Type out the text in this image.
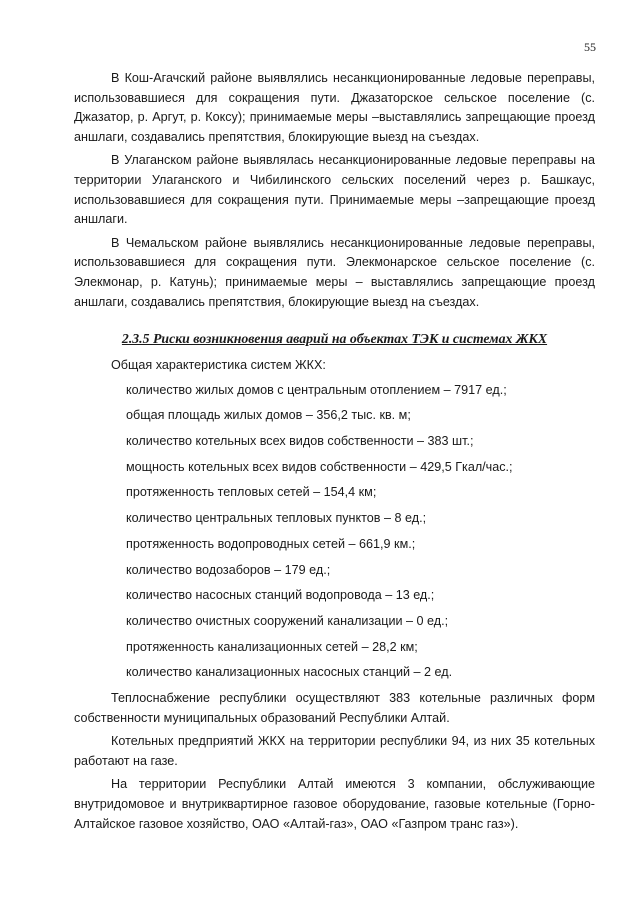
55

В Кош-Агачский районе выявлялись несанкционированные ледовые переправы, использовавшиеся для сокращения пути. Джазаторское сельское поселение (с. Джазатор, р. Аргут, р. Коксу); принимаемые меры –выставлялись запрещающие проезд аншлаги, создавались препятствия, блокирующие выезд на съездах.

В Улаганском районе выявлялась несанкционированные ледовые переправы на территории Улаганского и Чибилинского сельских поселений через р. Башкаус, использовавшиеся для сокращения пути. Принимаемые меры –запрещающие проезд аншлаги.

В Чемальском районе выявлялись несанкционированные ледовые переправы, использовавшиеся для сокращения пути. Элекмонарское сельское поселение (с. Элекмонар, р. Катунь); принимаемые меры – выставлялись запрещающие проезд аншлаги, создавались препятствия, блокирующие выезд на съездах.

2.3.5 Риски возникновения аварий на объектах ТЭК и системах ЖКХ
Общая характеристика систем ЖКХ:
количество жилых домов с центральным отоплением – 7917 ед.;
общая площадь жилых домов – 356,2 тыс. кв. м;
количество котельных всех видов собственности – 383 шт.;
мощность котельных всех видов собственности – 429,5 Гкал/час.;
протяженность тепловых сетей – 154,4 км;
количество центральных тепловых пунктов – 8 ед.;
протяженность водопроводных сетей – 661,9 км.;
количество водозаборов – 179 ед.;
количество насосных станций водопровода – 13 ед.;
количество очистных сооружений канализации – 0 ед.;
протяженность канализационных сетей – 28,2 км;
количество канализационных насосных станций – 2 ед.

Теплоснабжение республики осуществляют 383 котельные различных форм собственности муниципальных образований Республики Алтай.

Котельных предприятий ЖКХ на территории республики 94, из них 35 котельных работают на газе.

На территории Республики Алтай имеются 3 компании, обслуживающие внутридомовое и внутриквартирное газовое оборудование, газовые котельные (Горно-Алтайское газовое хозяйство, ОАО «Алтай-газ», ОАО «Газпром транс газ»).
